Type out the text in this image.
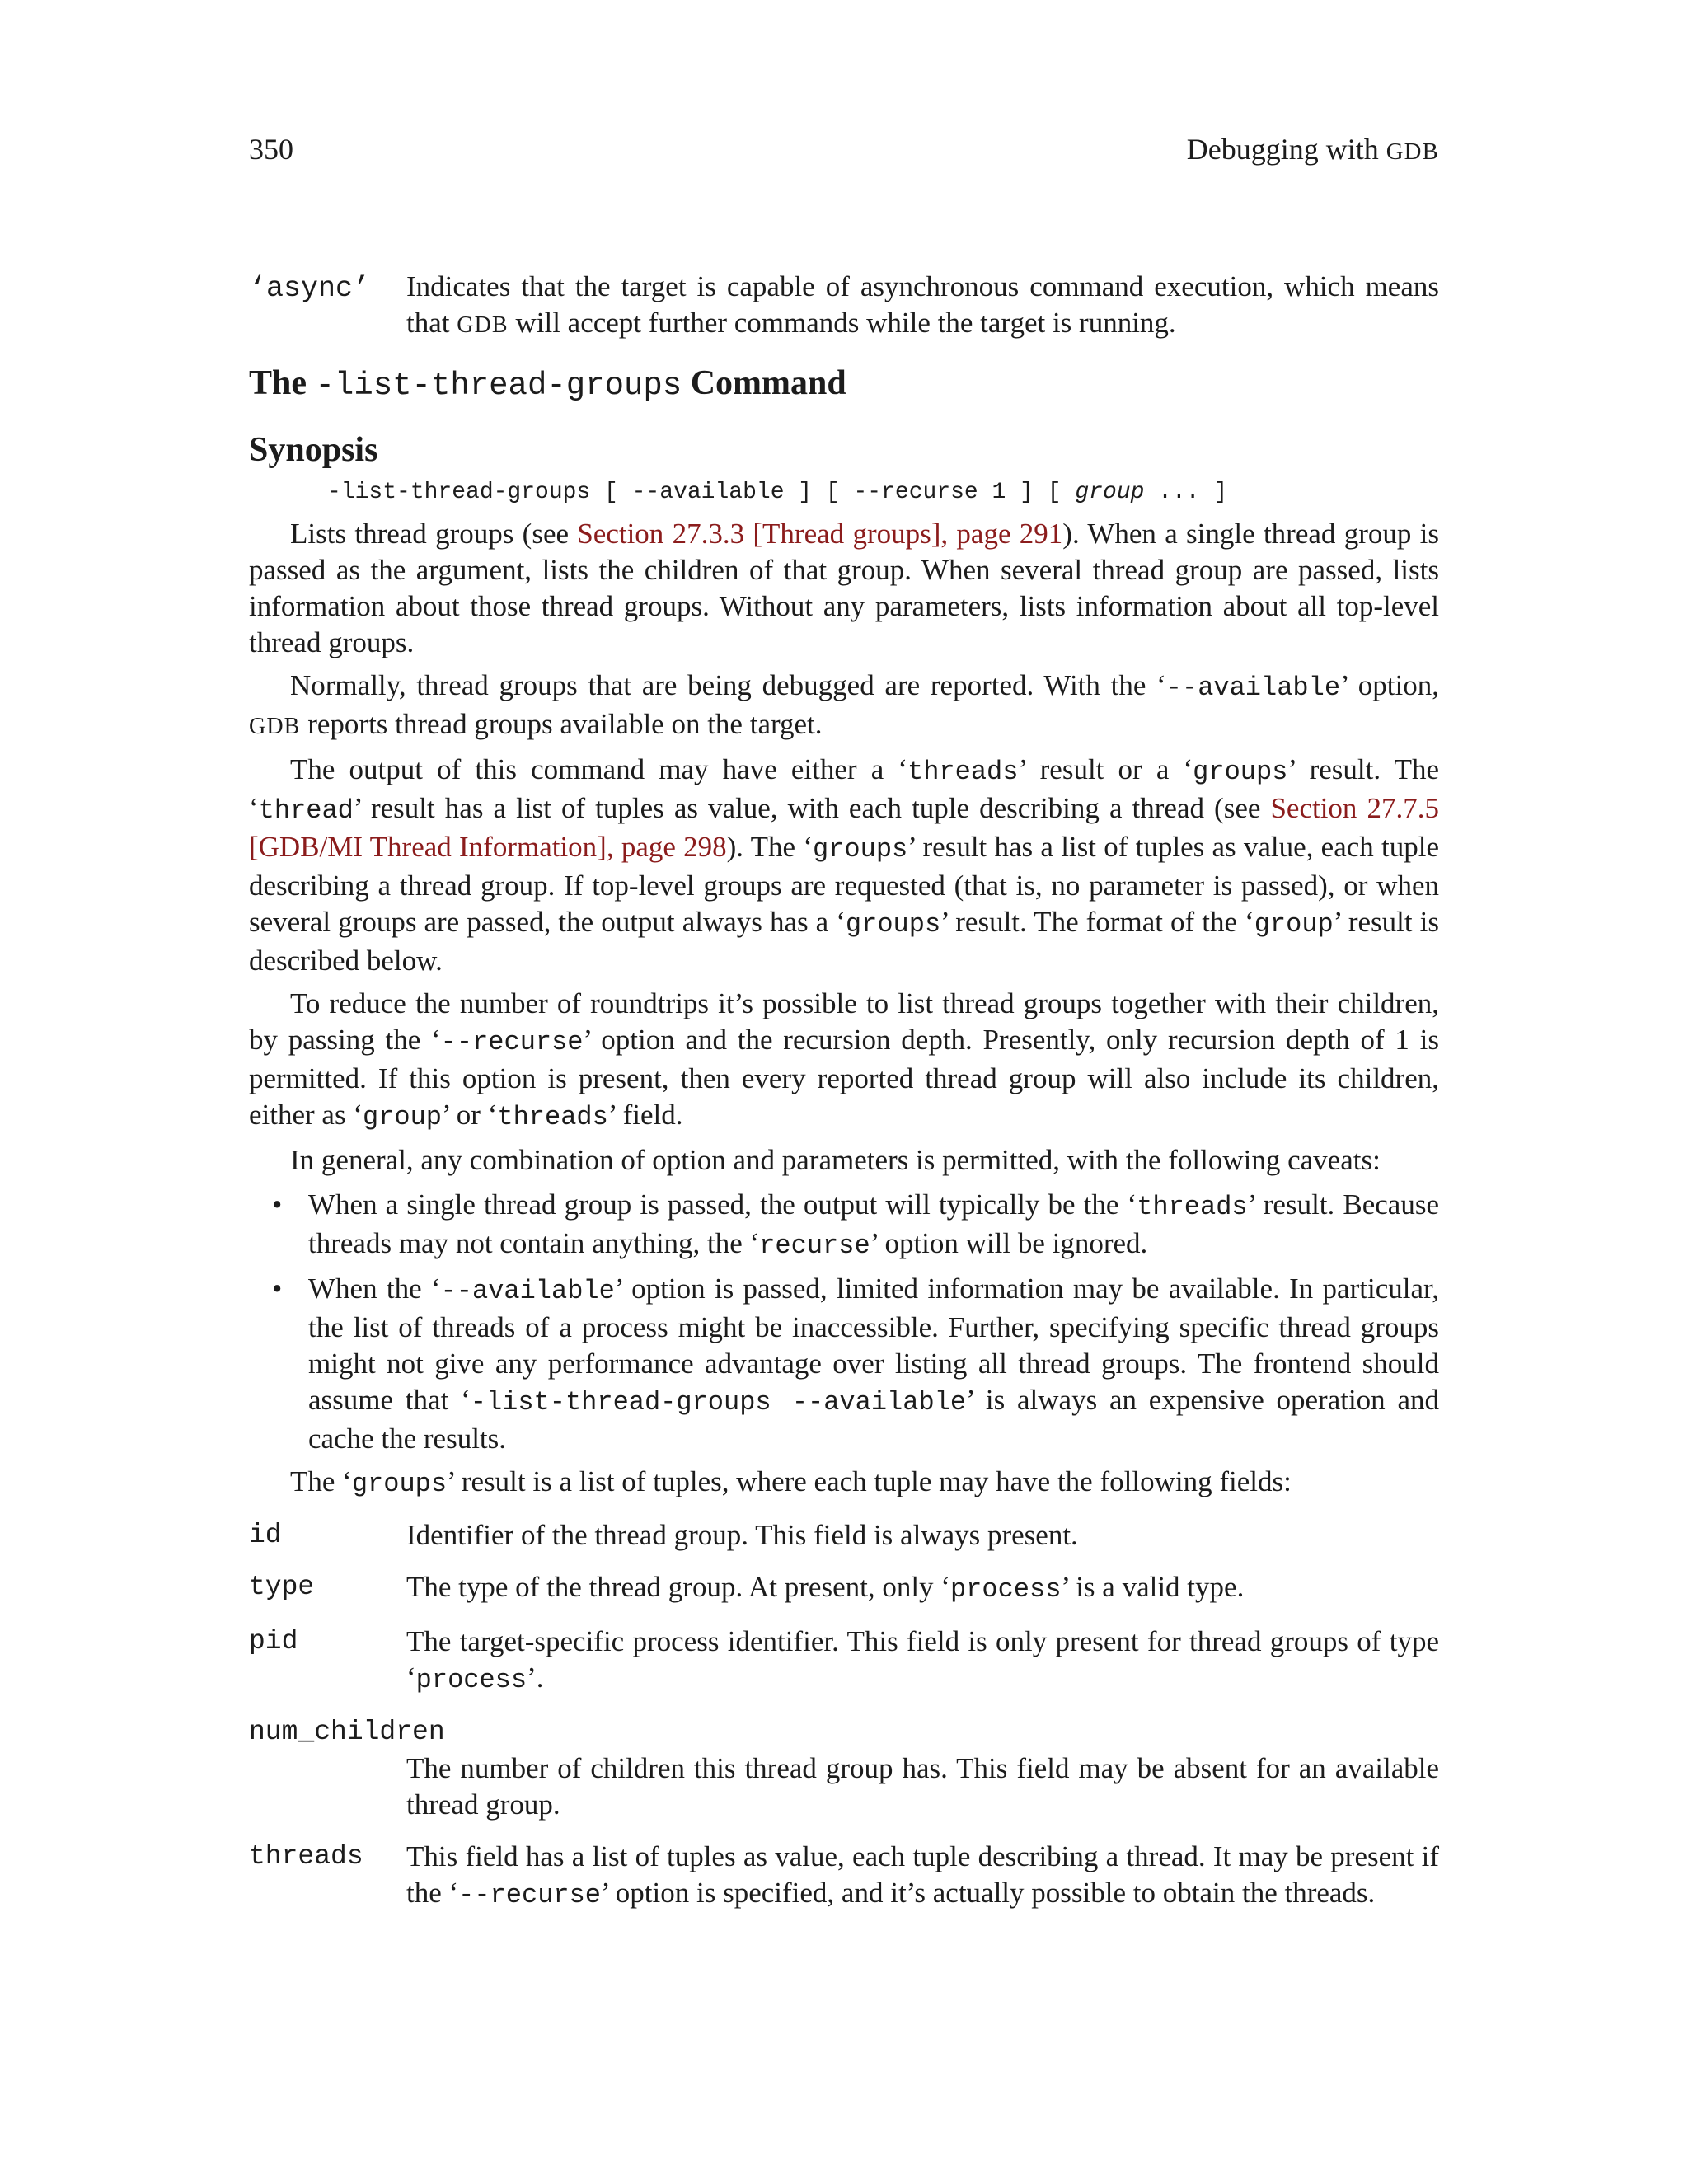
350	Debugging with GDB
‘async’	Indicates that the target is capable of asynchronous command execution, which means that GDB will accept further commands while the target is running.
The -list-thread-groups Command
Synopsis
-list-thread-groups [ --available ] [ --recurse 1 ] [ group ... ]

Lists thread groups (see Section 27.3.3 [Thread groups], page 291). When a single thread group is passed as the argument, lists the children of that group. When several thread group are passed, lists information about those thread groups. Without any parameters, lists information about all top-level thread groups.

Normally, thread groups that are being debugged are reported. With the ‘--available’ option, GDB reports thread groups available on the target.

The output of this command may have either a ‘threads’ result or a ‘groups’ result. The ‘thread’ result has a list of tuples as value, with each tuple describing a thread (see Section 27.7.5 [GDB/MI Thread Information], page 298). The ‘groups’ result has a list of tuples as value, each tuple describing a thread group. If top-level groups are requested (that is, no parameter is passed), or when several groups are passed, the output always has a ‘groups’ result. The format of the ‘group’ result is described below.

To reduce the number of roundtrips it’s possible to list thread groups together with their children, by passing the ‘--recurse’ option and the recursion depth. Presently, only recursion depth of 1 is permitted. If this option is present, then every reported thread group will also include its children, either as ‘group’ or ‘threads’ field.

In general, any combination of option and parameters is permitted, with the following caveats:

• When a single thread group is passed, the output will typically be the ‘threads’ result. Because threads may not contain anything, the ‘recurse’ option will be ignored.
• When the ‘--available’ option is passed, limited information may be available. In particular, the list of threads of a process might be inaccessible. Further, specifying specific thread groups might not give any performance advantage over listing all thread groups. The frontend should assume that ‘-list-thread-groups --available’ is always an expensive operation and cache the results.

The ‘groups’ result is a list of tuples, where each tuple may have the following fields:

id	Identifier of the thread group. This field is always present.
type	The type of the thread group. At present, only ‘process’ is a valid type.
pid	The target-specific process identifier. This field is only present for thread groups of type ‘process’.
num_children
The number of children this thread group has. This field may be absent for an available thread group.
threads	This field has a list of tuples as value, each tuple describing a thread. It may be present if the ‘--recurse’ option is specified, and it’s actually possible to obtain the threads.
